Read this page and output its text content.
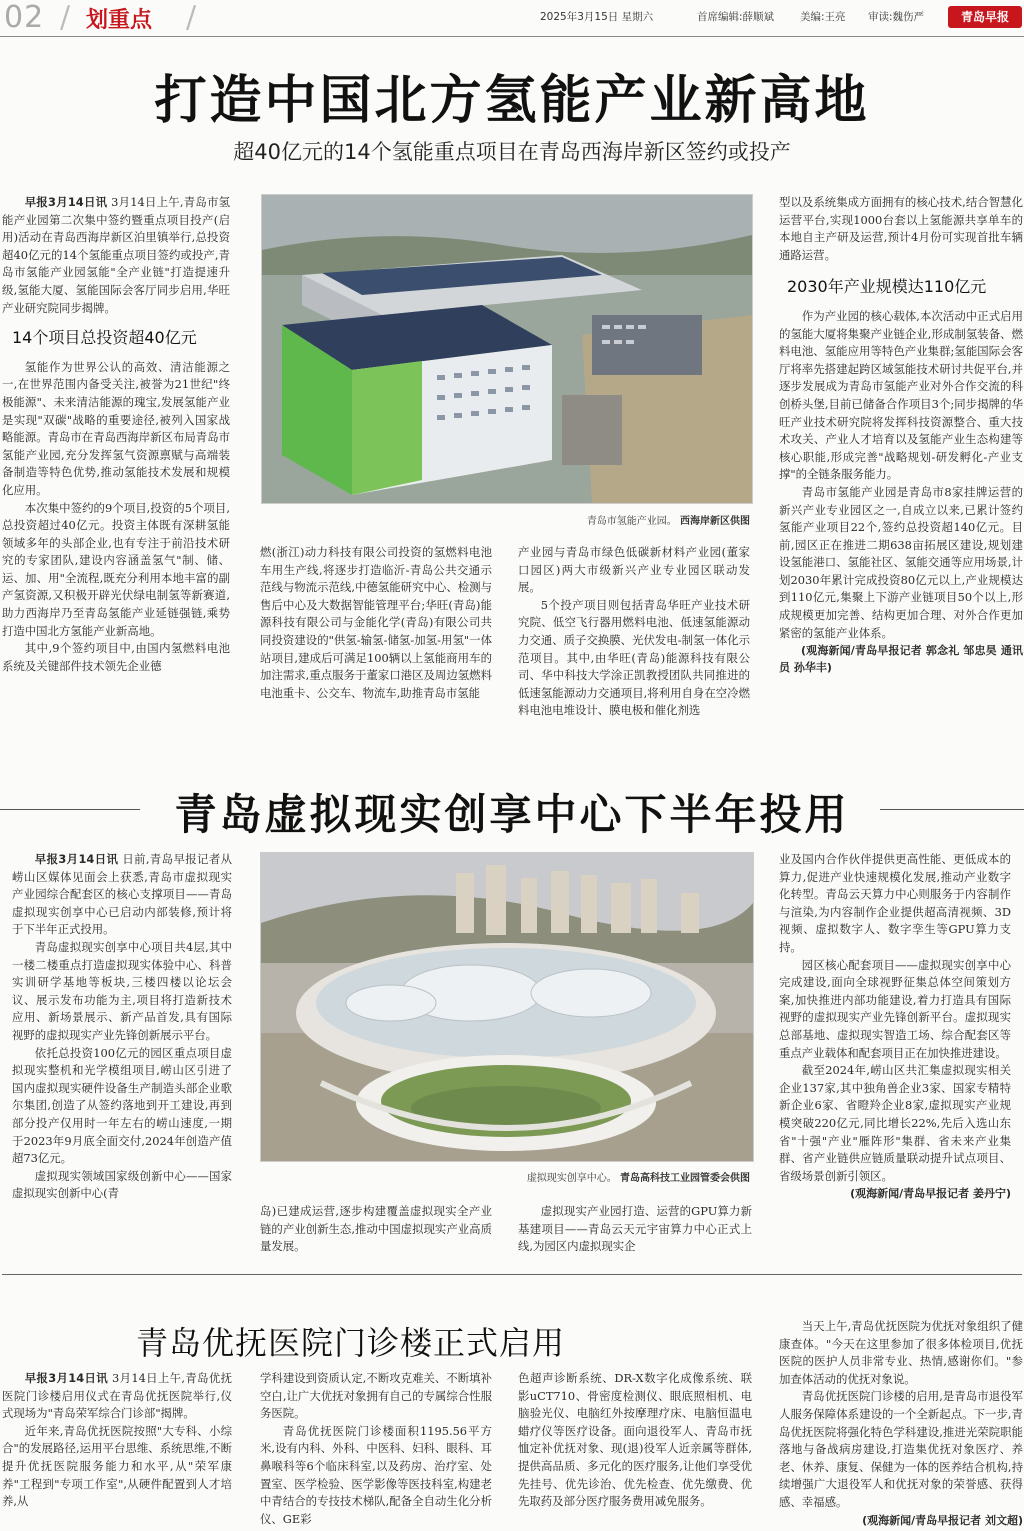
02 / 划重点 /	2025年3月15日 星期六	首席编辑:薛顺斌 美编:王亮 审读:魏伤严	青岛早报
打造中国北方氢能产业新高地
超40亿元的14个氢能重点项目在青岛西海岸新区签约或投产

早报3月14日讯 3月14日上午,青岛市氢能产业园第二次集中签约暨重点项目投产(启用)活动在青岛西海岸新区泊里镇举行,总投资超40亿元的14个氢能重点项目签约或投产,青岛市氢能产业园氢能"全产业链"打造提速升级,氢能大厦、氢能国际会客厅同步启用,华旺产业研究院同步揭牌。

14个项目总投资超40亿元

氢能作为世界公认的高效、清洁能源之一,在世界范围内备受关注,被誉为21世纪"终极能源"、未来清洁能源的瑰宝,发展氢能产业是实现"双碳"战略的重要途径,被列入国家战略能源。青岛市在青岛西海岸新区布局青岛市氢能产业园,充分发挥氢气资源禀赋与高端装备制造等特色优势,推动氢能技术发展和规模化应用。

本次集中签约的9个项目,投资的5个项目,总投资超过40亿元。投资主体既有深耕氢能领域多年的头部企业,也有专注于前沿技术研究的专家团队,建设内容涵盖氢气"制、储、运、加、用"全流程,既充分利用本地丰富的副产氢资源,又积极开辟光伏绿电制氢等新赛道,助力西海岸乃至青岛氢能产业延链强链,乘势打造中国北方氢能产业新高地。

其中,9个签约项目中,由国内氢燃料电池系统及关键部件技术领先企业德

青岛市氢能产业园。 西海岸新区供图

燃(浙江)动力科技有限公司投资的氢燃料电池车用生产线,将逐步打造临沂-青岛公共交通示范线与物流示范线,中德氢能研究中心、检测与售后中心及大数据智能管理平台;华旺(青岛)能源科技有限公司与金能化学(青岛)有限公司共同投资建设的"供氢-输氢-储氢-加氢-用氢"一体站项目,建成后可满足100辆以上氢能商用车的加注需求,重点服务于董家口港区及周边氢燃料电池重卡、公交车、物流车,助推青岛市氢能

产业园与青岛市绿色低碳新材料产业园(董家口园区)两大市级新兴产业专业园区联动发展。

5个投产项目则包括青岛华旺产业技术研究院、低空飞行器用燃料电池、低速氢能源动力交通、质子交换膜、光伏发电-制氢一体化示范项目。其中,由华旺(青岛)能源科技有限公司、华中科技大学涂正凯教授团队共同推进的低速氢能源动力交通项目,将利用自身在空冷燃料电池电堆设计、膜电极和催化剂选

型以及系统集成方面拥有的核心技术,结合智慧化运营平台,实现1000台套以上氢能源共享单车的本地自主产研及运营,预计4月份可实现首批车辆通路运营。

2030年产业规模达110亿元

作为产业园的核心载体,本次活动中正式启用的氢能大厦将集聚产业链企业,形成制氢装备、燃料电池、氢能应用等特色产业集群;氢能国际会客厅将率先搭建起跨区域氢能技术研讨共促平台,并逐步发展成为青岛市氢能产业对外合作交流的科创桥头堡,目前已储备合作项目3个;同步揭牌的华旺产业技术研究院将发挥科技资源整合、重大技术攻关、产业人才培育以及氢能产业生态构建等核心职能,形成完善"战略规划-研发孵化-产业支撑"的全链条服务能力。

青岛市氢能产业园是青岛市8家挂牌运营的新兴产业专业园区之一,自成立以来,已累计签约氢能产业项目22个,签约总投资超140亿元。目前,园区正在推进二期638亩拓展区建设,规划建设氢能港口、氢能社区、氢能交通等应用场景,计划2030年累计完成投资80亿元以上,产业规模达到110亿元,集聚上下游产业链项目50个以上,形成规模更加完善、结构更加合理、对外合作更加紧密的氢能产业体系。

(观海新闻/青岛早报记者 郭念礼 邹忠昊 通讯员 孙华丰)
青岛虚拟现实创享中心下半年投用

早报3月14日讯 日前,青岛早报记者从崂山区媒体见面会上获悉,青岛市虚拟现实产业园综合配套区的核心支撑项目——青岛虚拟现实创享中心已启动内部装修,预计将于下半年正式投用。

青岛虚拟现实创享中心项目共4层,其中一楼二楼重点打造虚拟现实体验中心、科普实训研学基地等板块,三楼四楼以论坛会议、展示发布功能为主,项目将打造新技术应用、新场景展示、新产品首发,具有国际视野的虚拟现实产业先锋创新展示平台。

依托总投资100亿元的园区重点项目虚拟现实整机和光学模组项目,崂山区引进了国内虚拟现实硬件设备生产制造头部企业歌尔集团,创造了从签约落地到开工建设,再到部分投产仅用时一年左右的崂山速度,一期于2023年9月底全面交付,2024年创造产值超73亿元。

虚拟现实领域国家级创新中心——国家虚拟现实创新中心(青

虚拟现实创享中心。 青岛高科技工业园管委会供图

岛)已建成运营,逐步构建覆盖虚拟现实全产业链的产业创新生态,推动中国虚拟现实产业高质量发展。

虚拟现实产业园打造、运营的GPU算力新基建项目——青岛云天元宇宙算力中心正式上线,为园区内虚拟现实企

业及国内合作伙伴提供更高性能、更低成本的算力,促进产业快速规模化发展,推动产业数字化转型。青岛云天算力中心则服务于内容制作与渲染,为内容制作企业提供超高清视频、3D视频、虚拟数字人、数字孪生等GPU算力支持。

园区核心配套项目——虚拟现实创享中心完成建设,面向全球视野征集总体空间策划方案,加快推进内部功能建设,着力打造具有国际视野的虚拟现实产业先锋创新平台。虚拟现实总部基地、虚拟现实智造工场、综合配套区等重点产业载体和配套项目正在加快推进建设。

截至2024年,崂山区共汇集虚拟现实相关企业137家,其中独角兽企业3家、国家专精特新企业6家、省瞪羚企业8家,虚拟现实产业规模突破220亿元,同比增长22%,先后入选山东省"十强"产业"雁阵形"集群、省未来产业集群、省产业链供应链质量联动提升试点项目、省级场景创新引领区。

(观海新闻/青岛早报记者 姜丹宁)
青岛优抚医院门诊楼正式启用

早报3月14日讯 3月14日上午,青岛优抚医院门诊楼启用仪式在青岛优抚医院举行,仪式现场为"青岛荣军综合门诊部"揭牌。

近年来,青岛优抚医院按照"大专科、小综合"的发展路径,运用平台思维、系统思维,不断提升优抚医院服务能力和水平,从"荣军康养"工程到"专项工作室",从硬件配置到人才培养,从

学科建设到资质认定,不断攻克难关、不断填补空白,让广大优抚对象拥有自己的专属综合性服务医院。

青岛优抚医院门诊楼面积1195.56平方米,设有内科、外科、中医科、妇科、眼科、耳鼻喉科等6个临床科室,以及药房、治疗室、处置室、医学检验、医学影像等医技科室,构建老中青结合的专技技术梯队,配备全自动生化分析仪、GE彩

色超声诊断系统、DR-X数字化成像系统、联影uCT710、骨密度检测仪、眼底照相机、电脑验光仪、电脑红外按摩理疗床、电脑恒温电蜡疗仪等医疗设备。面向退役军人、青岛市抚恤定补优抚对象、现(退)役军人近亲属等群体,提供高品质、多元化的医疗服务,让他们享受优先挂号、优先诊治、优先检查、优先缴费、优先取药及部分医疗服务费用减免服务。

当天上午,青岛优抚医院为优抚对象组织了健康查体。"今天在这里参加了很多体检项目,优抚医院的医护人员非常专业、热情,感谢你们。"参加查体活动的优抚对象说。

青岛优抚医院门诊楼的启用,是青岛市退役军人服务保障体系建设的一个全新起点。下一步,青岛优抚医院将强化特色学科建设,推进光荣院职能落地与备战病房建设,打造集优抚对象医疗、养老、休养、康复、保健为一体的医养结合机构,持续增强广大退役军人和优抚对象的荣誉感、获得感、幸福感。

(观海新闻/青岛早报记者 刘文超)
